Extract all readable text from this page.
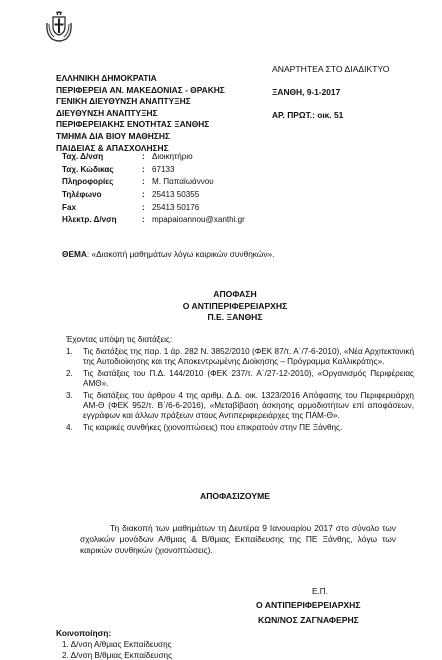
ΑΝΑΡΤΗΤΕΑ ΣΤΟ ΔΙΑΔΙΚΤΥΟ
ΞΑΝΘΗ, 9-1-2017
ΑΡ. ΠΡΩΤ.: οικ. 51
ΕΛΛΗΝΙΚΗ ΔΗΜΟΚΡΑΤΙΑ
ΠΕΡΙΦΕΡΕΙΑ ΑΝ. ΜΑΚΕΔΟΝΙΑΣ - ΘΡΑΚΗΣ
ΓΕΝΙΚΗ ΔΙΕΥΘΥΝΣΗ ΑΝΑΠΤΥΞΗΣ
ΔΙΕΥΘΥΝΣΗ ΑΝΑΠΤΥΞΗΣ
ΠΕΡΙΦΕΡΕΙΑΚΗΣ ΕΝΟΤΗΤΑΣ ΞΑΝΘΗΣ
ΤΜΗΜΑ ΔΙΑ ΒΙΟΥ ΜΑΘΗΣΗΣ
ΠΑΙΔΕΙΑΣ & ΑΠΑΣΧΟΛΗΣΗΣ
Ταχ. Δ/νση	:	Διοικητήριο
Ταχ. Κώδικας	:	67133
Πληροφορίες	:	Μ. Παπαϊωάννου
Τηλέφωνο	:	25413 50355
Fax	:	25413 50176
Ηλεκτρ. Δ/νση	:	mpapaioannou@xanthi.gr
ΘΕΜΑ: «Διακοπή μαθημάτων λόγω καιρικών συνθηκών».
ΑΠΟΦΑΣΗ
Ο ΑΝΤΙΠΕΡΙΦΕΡΕΙΑΡΧΗΣ
Π.Ε. ΞΑΝΘΗΣ
Έχοντας υπόψη τις διατάξεις:
1. Τις διατάξεις της παρ. 1 άρ. 282 Ν. 3852/2010 (ΦΕΚ 87/τ. Α΄/7-6-2010), «Νέα Αρχιτεκτονική της Αυτοδιοίκησης και της Αποκεντρωμένης Διοίκησης – Πρόγραμμα Καλλικράτης».
2. Τις διατάξεις του Π.Δ. 144/2010 (ΦΕΚ 237/τ. Α΄/27-12-2010), «Οργανισμός Περιφέρειας ΑΜΘ».
3. Τις διατάξεις του άρθρου 4 της αριθμ. Δ.Δ. οικ. 1323/2016 Απόφασης του Περιφερειάρχη ΑΜ-Θ (ΦΕΚ 952/τ. Β΄/6-6-2016), «Μεταβίβαση άσκησης αρμοδιοτήτων επί αποφάσεων, εγγράφων και άλλων πράξεων στους Αντιπεριφερειάρχες της ΠΑΜ-Θ».
4. Τις καιρικές συνθήκες (χιονοπτώσεις) που επικρατούν στην ΠΕ Ξάνθης.
ΑΠΟΦΑΣΙΖΟΥΜΕ
Τη διακοπή των μαθημάτων τη Δευτέρα 9 Ιανουαρίου 2017 στο σύνολο των σχολικών μονάδων Α/θμιας & Β/θμιας Εκπαίδευσης της ΠΕ Ξάνθης, λόγω των καιρικών συνθηκών (χιονοπτώσεις).
Ε.Π.
Ο ΑΝΤΙΠΕΡΙΦΕΡΕΙΑΡΧΗΣ
ΚΩΝ/ΝΟΣ ΖΑΓΝΑΦΕΡΗΣ
Κοινοποίηση:
1. Δ/νση Α/θμιας Εκπαίδευσης
2. Δ/νση Β/θμιας Εκπαίδευσης
